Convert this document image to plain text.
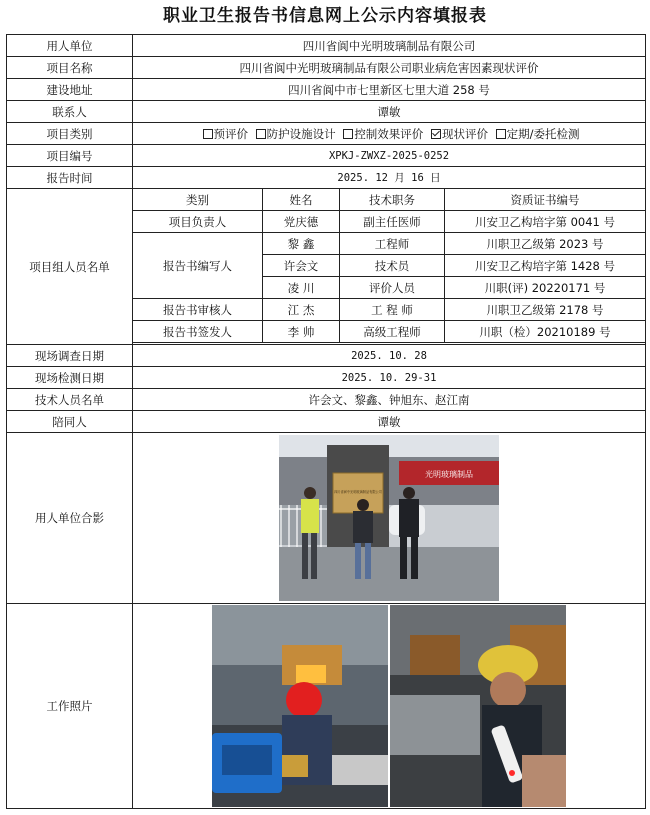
职业卫生报告书信息网上公示内容填报表
用人单位	四川省阆中光明玻璃制品有限公司			
项目名称	四川省阆中光明玻璃制品有限公司职业病危害因素现状评价			
建设地址	四川省阆中市七里新区七里大道 258 号			
联系人	谭敏			
项目类别	预评价 防护设施设计 控制效果评价 现状评价 定期/委托检测			
项目编号	XPKJ-ZWXZ-2025-0252			
报告时间	2025. 12 月 16 日			
项目组人员名单	类别	姓名	技术职务	资质证书编号
	项目负责人	党庆德	副主任医师	川安卫乙构培字第 0041 号
	报告书编写人	黎 鑫	工程师	川职卫乙级第 2023 号
		许会文	技术员	川安卫乙构培字第 1428 号
		凌 川	评价人员	川职(评) 20220171 号
	报告书审核人	江 杰	工 程 师	川职卫乙级第 2178 号
	报告书签发人	李 帅	高级工程师	川职（检）20210189 号

现场调查日期	2025. 10. 28			
现场检测日期	2025. 10. 29-31			
技术人员名单	许会文、黎鑫、钟旭东、赵江南			
陪同人	谭敏			
用人单位合影	光明玻璃制品
四川省阆中光明玻璃制品有限公司			

工作照片	
